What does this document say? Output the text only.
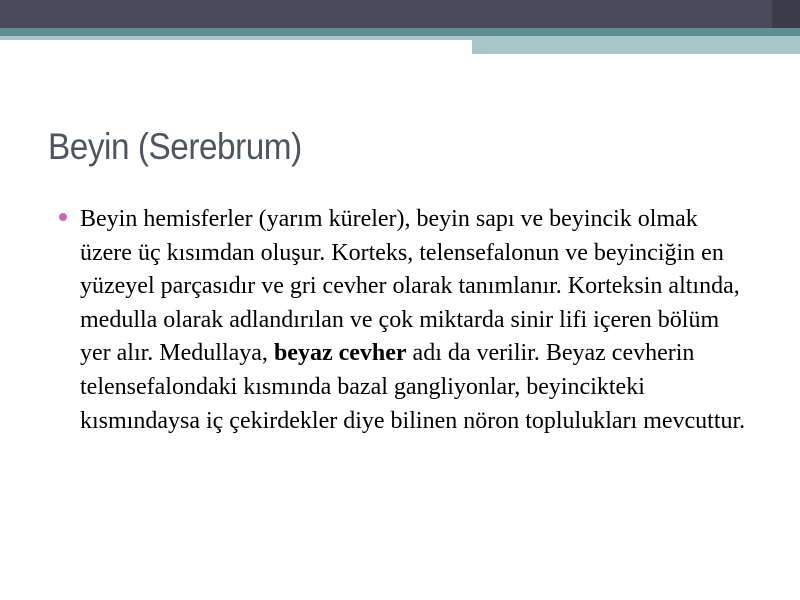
Beyin (Serebrum)

Beyin hemisferler (yarım küreler), beyin sapı ve beyincik olmak üzere üç kısımdan oluşur. Korteks, telensefalonun ve beyinciğin en yüzeyel parçasıdır ve gri cevher olarak tanımlanır. Korteksin altında, medulla olarak adlandırılan ve çok miktarda sinir lifi içeren bölüm yer alır. Medullaya, beyaz cevher adı da verilir. Beyaz cevherin telensefalondaki kısmında bazal gangliyonlar, beyincikteki kısmındaysa iç çekirdekler diye bilinen nöron toplulukları mevcuttur.
